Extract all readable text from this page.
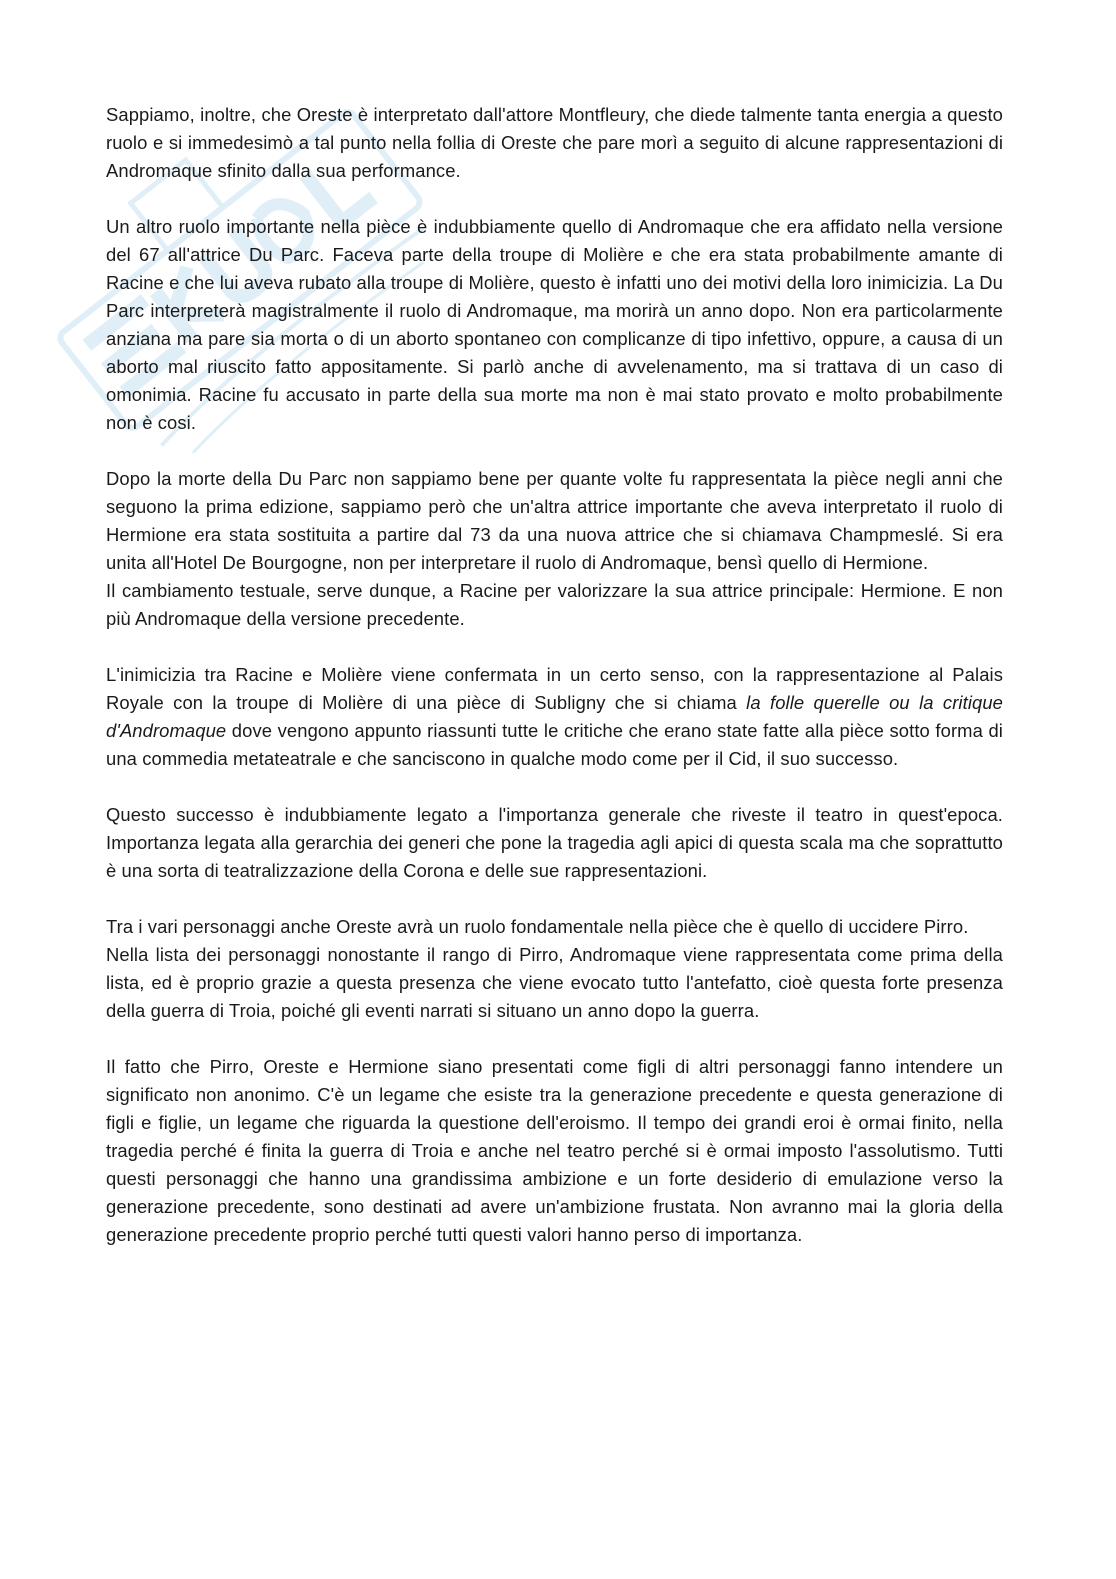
Sappiamo, inoltre, che Oreste è interpretato dall'attore Montfleury, che diede talmente tanta energia a questo ruolo e si immedesimò a tal punto nella follia di Oreste che pare morì a seguito di alcune rappresentazioni di Andromaque sfinito dalla sua performance.

Un altro ruolo importante nella pièce è indubbiamente quello di Andromaque che era affidato nella versione del 67 all'attrice Du Parc. Faceva parte della troupe di Molière e che era stata probabilmente amante di Racine e che lui aveva rubato alla troupe di Molière, questo è infatti uno dei motivi della loro inimicizia. La Du Parc interpreterà magistralmente il ruolo di Andromaque, ma morirà un anno dopo. Non era particolarmente anziana ma pare sia morta o di un aborto spontaneo con complicanze di tipo infettivo, oppure, a causa di un aborto mal riuscito fatto appositamente. Si parlò anche di avvelenamento, ma si trattava di un caso di omonimia. Racine fu accusato in parte della sua morte ma non è mai stato provato e molto probabilmente non è cosi.

Dopo la morte della Du Parc non sappiamo bene per quante volte fu rappresentata la pièce negli anni che seguono la prima edizione, sappiamo però che un'altra attrice importante che aveva interpretato il ruolo di Hermione era stata sostituita a partire dal 73 da una nuova attrice che si chiamava Champmeslé. Si era unita all'Hotel De Bourgogne, non per interpretare il ruolo di Andromaque, bensì quello di Hermione.

Il cambiamento testuale, serve dunque, a Racine per valorizzare la sua attrice principale: Hermione. E non più Andromaque della versione precedente.

L'inimicizia tra Racine e Molière viene confermata in un certo senso, con la rappresentazione al Palais Royale con la troupe di Molière di una pièce di Subligny che si chiama la folle querelle ou la critique d'Andromaque dove vengono appunto riassunti tutte le critiche che erano state fatte alla pièce sotto forma di una commedia metateatrale e che sanciscono in qualche modo come per il Cid, il suo successo.

Questo successo è indubbiamente legato a l'importanza generale che riveste il teatro in quest'epoca. Importanza legata alla gerarchia dei generi che pone la tragedia agli apici di questa scala ma che soprattutto è una sorta di teatralizzazione della Corona e delle sue rappresentazioni.

Tra i vari personaggi anche Oreste avrà un ruolo fondamentale nella pièce che è quello di uccidere Pirro.

Nella lista dei personaggi nonostante il rango di Pirro, Andromaque viene rappresentata come prima della lista, ed è proprio grazie a questa presenza che viene evocato tutto l'antefatto, cioè questa forte presenza della guerra di Troia, poiché gli eventi narrati si situano un anno dopo la guerra.

Il fatto che Pirro, Oreste e Hermione siano presentati come figli di altri personaggi fanno intendere un significato non anonimo. C'è un legame che esiste tra la generazione precedente e questa generazione di figli e figlie, un legame che riguarda la questione dell'eroismo. Il tempo dei grandi eroi è ormai finito, nella tragedia perché é finita la guerra di Troia e anche nel teatro perché si è ormai imposto l'assolutismo. Tutti questi personaggi che hanno una grandissima ambizione e un forte desiderio di emulazione verso la generazione precedente, sono destinati ad avere un'ambizione frustata. Non avranno mai la gloria della generazione precedente proprio perché tutti questi valori hanno perso di importanza.
